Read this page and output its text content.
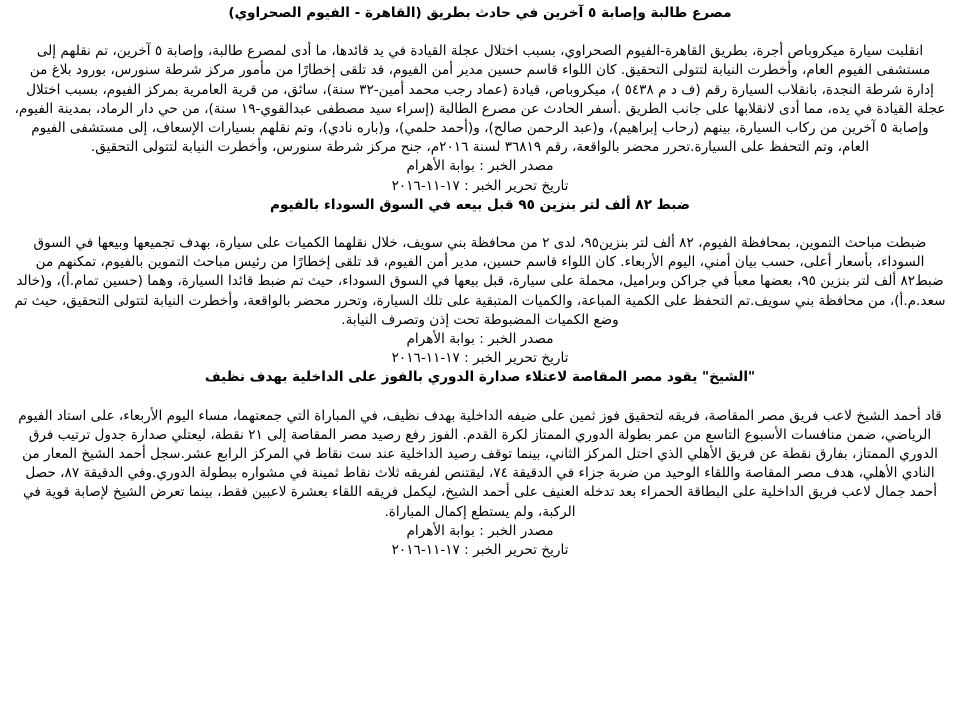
مصرع طالبة وإصابة ٥ آخرين في حادث بطريق (القاهرة - الفيوم الصحراوي)

انقلبت سيارة ميكروباص أجرة، بطريق القاهرة-الفيوم الصحراوي، بسبب اختلال عجلة القيادة في يد قائدها، ما أدى لمصرع طالبة، وإصابة ٥ آخرين، تم نقلهم إلى مستشفى الفيوم العام، وأخطرت النيابة لتتولى التحقيق. كان اللواء قاسم حسين مدير أمن الفيوم، قد تلقى إخطارًا من مأمور مركز شرطة سنورس، بورود بلاغ من إدارة شرطة النجدة، بانقلاب السيارة رقم (ف د م ٥٤٣٨ )، ميكروباص، قيادة (عماد رجب محمد أمين-٣٢ سنة)، سائق، من قرية العامرية بمركز الفيوم، بسبب اختلال عجلة القيادة في يده، مما أدى لانقلابها على جانب الطريق .أسفر الحادث عن مصرع الطالبة (إسراء سيد مصطفى عبدالقوي-١٩ سنة)، من حي دار الرماد، بمدينة الفيوم، وإصابة ٥ آخرين من ركاب السيارة، بينهم (رحاب إبراهيم)، و(عبد الرحمن صالح)، و(أحمد حلمي)، و(باره نادي)، وتم نقلهم بسيارات الإسعاف، إلى مستشفى الفيوم العام، وتم التحفظ على السيارة.تحرر محضر بالواقعة، رقم ٣٦٨١٩ لسنة ٢٠١٦م، جنح مركز شرطة سنورس، وأخطرت النيابة لتتولى التحقيق.

مصدر الخبر : بوابة الأهرام

تاريخ تحرير الخبر : ١٧-١١-٢٠١٦

ضبط ٨٢ ألف لتر بنزين ٩٥ قبل بيعه في السوق السوداء بالفيوم

ضبطت مباحث التموين، بمحافظة الفيوم، ٨٢ ألف لتر بنزين٩٥، لدى ٢ من محافظة بني سويف، خلال نقلهما الكميات على سيارة، بهدف تجميعها وبيعها في السوق السوداء، بأسعار أعلى، حسب بيان أمني، اليوم الأربعاء. كان اللواء قاسم حسين، مدير أمن الفيوم، قد تلقى إخطارًا من رئيس مباحث التموين بالفيوم، تمكنهم من ضبط٨٢ ألف لتر بنزين ٩٥، بعضها معبأ في جراكن وبراميل، محملة على سيارة، قبل بيعها في السوق السوداء، حيث تم ضبط قائدا السيارة، وهما (حسين تمام.أ)، و(خالد سعد.م.أ)، من محافظة بني سويف.تم التحفظ على الكمية المباعة، والكميات المتبقية على تلك السيارة، وتحرر محضر بالواقعة، وأخطرت النيابة لتتولى التحقيق، حيث تم وضع الكميات المضبوطة تحت إذن وتصرف النيابة.

مصدر الخبر : بوابة الأهرام

تاريخ تحرير الخبر : ١٧-١١-٢٠١٦

"الشيخ" يقود مصر المقاصة لاعتلاء صدارة الدوري بالفوز على الداخلية بهدف نظيف

قاد أحمد الشيخ لاعب فريق مصر المقاصة، فريقه لتحقيق فوز ثمين على ضيفه الداخلية بهدف نظيف، في المباراة التي جمعتهما، مساء اليوم الأربعاء، على استاد الفيوم الرياضي، ضمن منافسات الأسبوع التاسع من عمر بطولة الدوري الممتاز لكرة القدم. الفوز رفع رصيد مصر المقاصة إلى ٢١ نقطة، ليعتلي صدارة جدول ترتيب فرق الدوري الممتاز، بفارق نقطة عن فريق الأهلي الذي احتل المركز الثاني، بينما توقف رصيد الداخلية عند ست نقاط في المركز الرابع عشر.سجل أحمد الشيخ المعار من النادي الأهلي، هدف مصر المقاصة واللقاء الوحيد من ضربة جزاء في الدقيقة ٧٤، ليقتنص لفريقه ثلاث نقاط ثمينة في مشواره ببطولة الدوري.وفي الدقيقة ٨٧، حصل أحمد جمال لاعب فريق الداخلية على البطاقة الحمراء بعد تدخله العنيف على أحمد الشيخ، ليكمل فريقه اللقاء بعشرة لاعبين فقط، بينما تعرض الشيخ لإصابة قوية في الركبة، ولم يستطع إكمال المباراة.

مصدر الخبر : بوابة الأهرام

تاريخ تحرير الخبر : ١٧-١١-٢٠١٦
